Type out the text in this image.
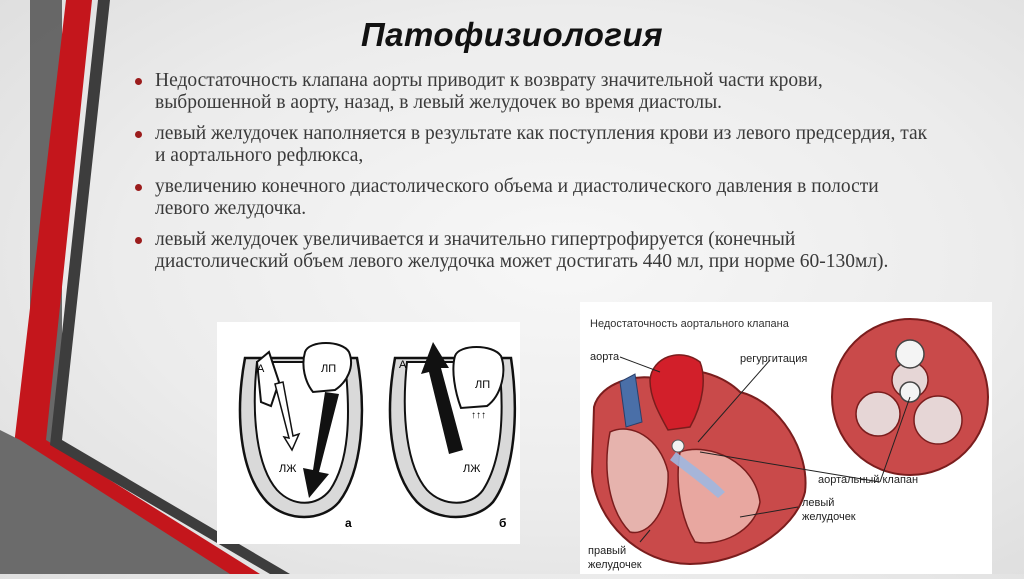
Патофизиология
Недостаточность клапана аорты приводит к возврату значительной части крови, выброшенной в аорту, назад, в левый желудочек во время диастолы.
левый желудочек наполняется в результате как поступления крови из левого предсердия, так и аортального рефлюкса,
увеличению конечного диастолического объема и диастолического давления в полости левого желудочка.
левый желудочек увеличивается и значительно гипертрофируется (конечный диастолический объем левого желудочка может достигать 440 мл, при норме 60-130мл).
А	ЛП
ЛЖ
а
↑↑↑
А
ЛП
ЛЖ
б
Недостаточность аортального клапана
аорта	регургитация
аортальный клапан
левый
желудочек
правый
желудочек
